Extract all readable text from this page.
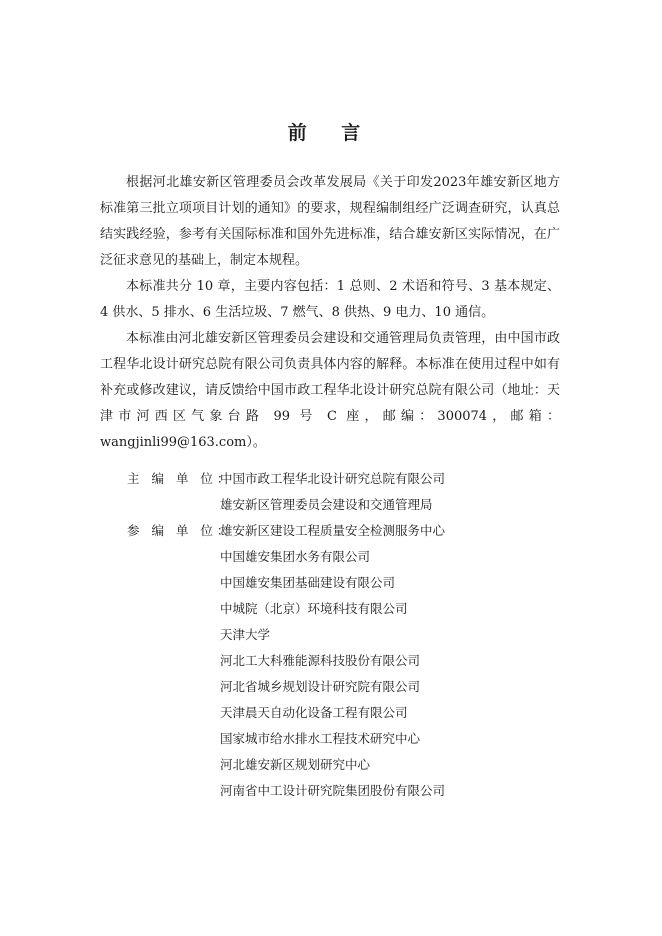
前 言

根据河北雄安新区管理委员会改革发展局《关于印发2023年雄安新区地方标准第三批立项项目计划的通知》的要求，规程编制组经广泛调查研究，认真总结实践经验，参考有关国际标准和国外先进标准，结合雄安新区实际情况，在广泛征求意见的基础上，制定本规程。

本标准共分 10 章，主要内容包括：1 总则、2 术语和符号、3 基本规定、4 供水、5 排水、6 生活垃圾、7 燃气、8 供热、9 电力、10 通信。

本标准由河北雄安新区管理委员会建设和交通管理局负责管理，由中国市政工程华北设计研究总院有限公司负责具体内容的解释。本标准在使用过程中如有补充或修改建议，请反馈给中国市政工程华北设计研究总院有限公司（地址：天津市河西区气象台路 99 号 C 座，邮编：300074，邮箱：wangjinli99@163.com）。

主 编 单 位：
中国市政工程华北设计研究总院有限公司
雄安新区管理委员会建设和交通管理局
参 编 单 位：
雄安新区建设工程质量安全检测服务中心
中国雄安集团水务有限公司
中国雄安集团基础建设有限公司
中城院（北京）环境科技有限公司
天津大学
河北工大科雅能源科技股份有限公司
河北省城乡规划设计研究院有限公司
天津晨天自动化设备工程有限公司
国家城市给水排水工程技术研究中心
河北雄安新区规划研究中心
河南省中工设计研究院集团股份有限公司
